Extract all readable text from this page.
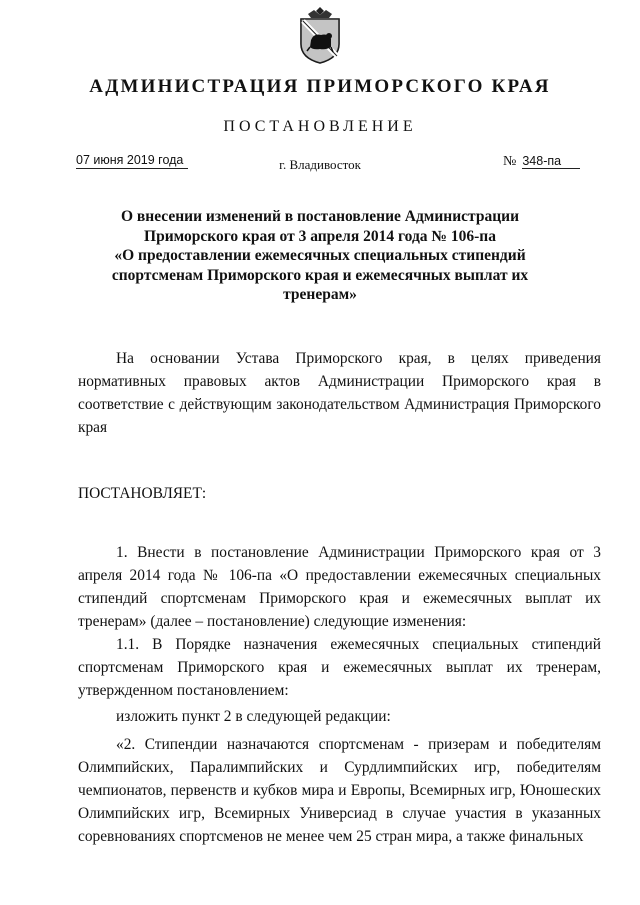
АДМИНИСТРАЦИЯ ПРИМОРСКОГО КРАЯ
ПОСТАНОВЛЕНИЕ
07 июня 2019 года	г. Владивосток	№ 348-па
О внесении изменений в постановление Администрации
Приморского края от 3 апреля 2014 года № 106-па
«О предоставлении ежемесячных специальных стипендий
спортсменам Приморского края и ежемесячных выплат их
тренерам»
На основании Устава Приморского края, в целях приведения нормативных правовых актов Администрации Приморского края в соответствие с действующим законодательством Администрация Приморского края
ПОСТАНОВЛЯЕТ:
1. Внести в постановление Администрации Приморского края от 3 апреля 2014 года № 106-па «О предоставлении ежемесячных специальных стипендий спортсменам Приморского края и ежемесячных выплат их тренерам» (далее – постановление) следующие изменения:
1.1. В Порядке назначения ежемесячных специальных стипендий спортсменам Приморского края и ежемесячных выплат их тренерам, утвержденном постановлением:
изложить пункт 2 в следующей редакции:
«2. Стипендии назначаются спортсменам - призерам и победителям Олимпийских, Паралимпийских и Сурдлимпийских игр, победителям чемпионатов, первенств и кубков мира и Европы, Всемирных игр, Юношеских Олимпийских игр, Всемирных Универсиад в случае участия в указанных соревнованиях спортсменов не менее чем 25 стран мира, а также финальных
